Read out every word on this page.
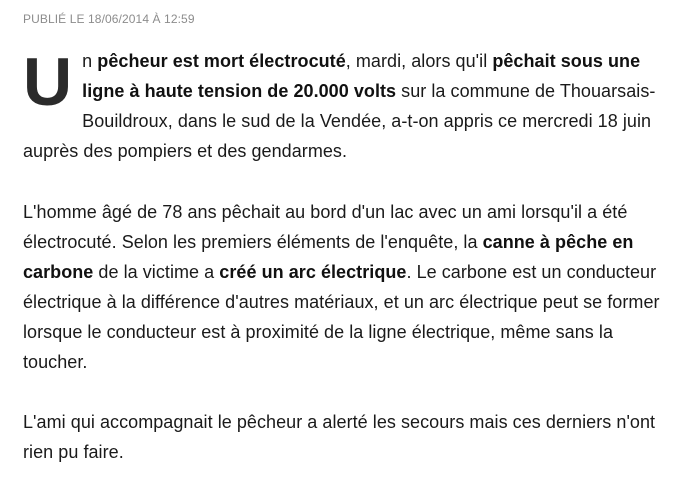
PUBLIÉ LE 18/06/2014 À 12:59

Un pêcheur est mort électrocuté, mardi, alors qu'il pêchait sous une ligne à haute tension de 20.000 volts sur la commune de Thouarsais-Bouildroux, dans le sud de la Vendée, a-t-on appris ce mercredi 18 juin auprès des pompiers et des gendarmes.

L'homme âgé de 78 ans pêchait au bord d'un lac avec un ami lorsqu'il a été électrocuté. Selon les premiers éléments de l'enquête, la canne à pêche en carbone de la victime a créé un arc électrique. Le carbone est un conducteur électrique à la différence d'autres matériaux, et un arc électrique peut se former lorsque le conducteur est à proximité de la ligne électrique, même sans la toucher.

L'ami qui accompagnait le pêcheur a alerté les secours mais ces derniers n'ont rien pu faire.
